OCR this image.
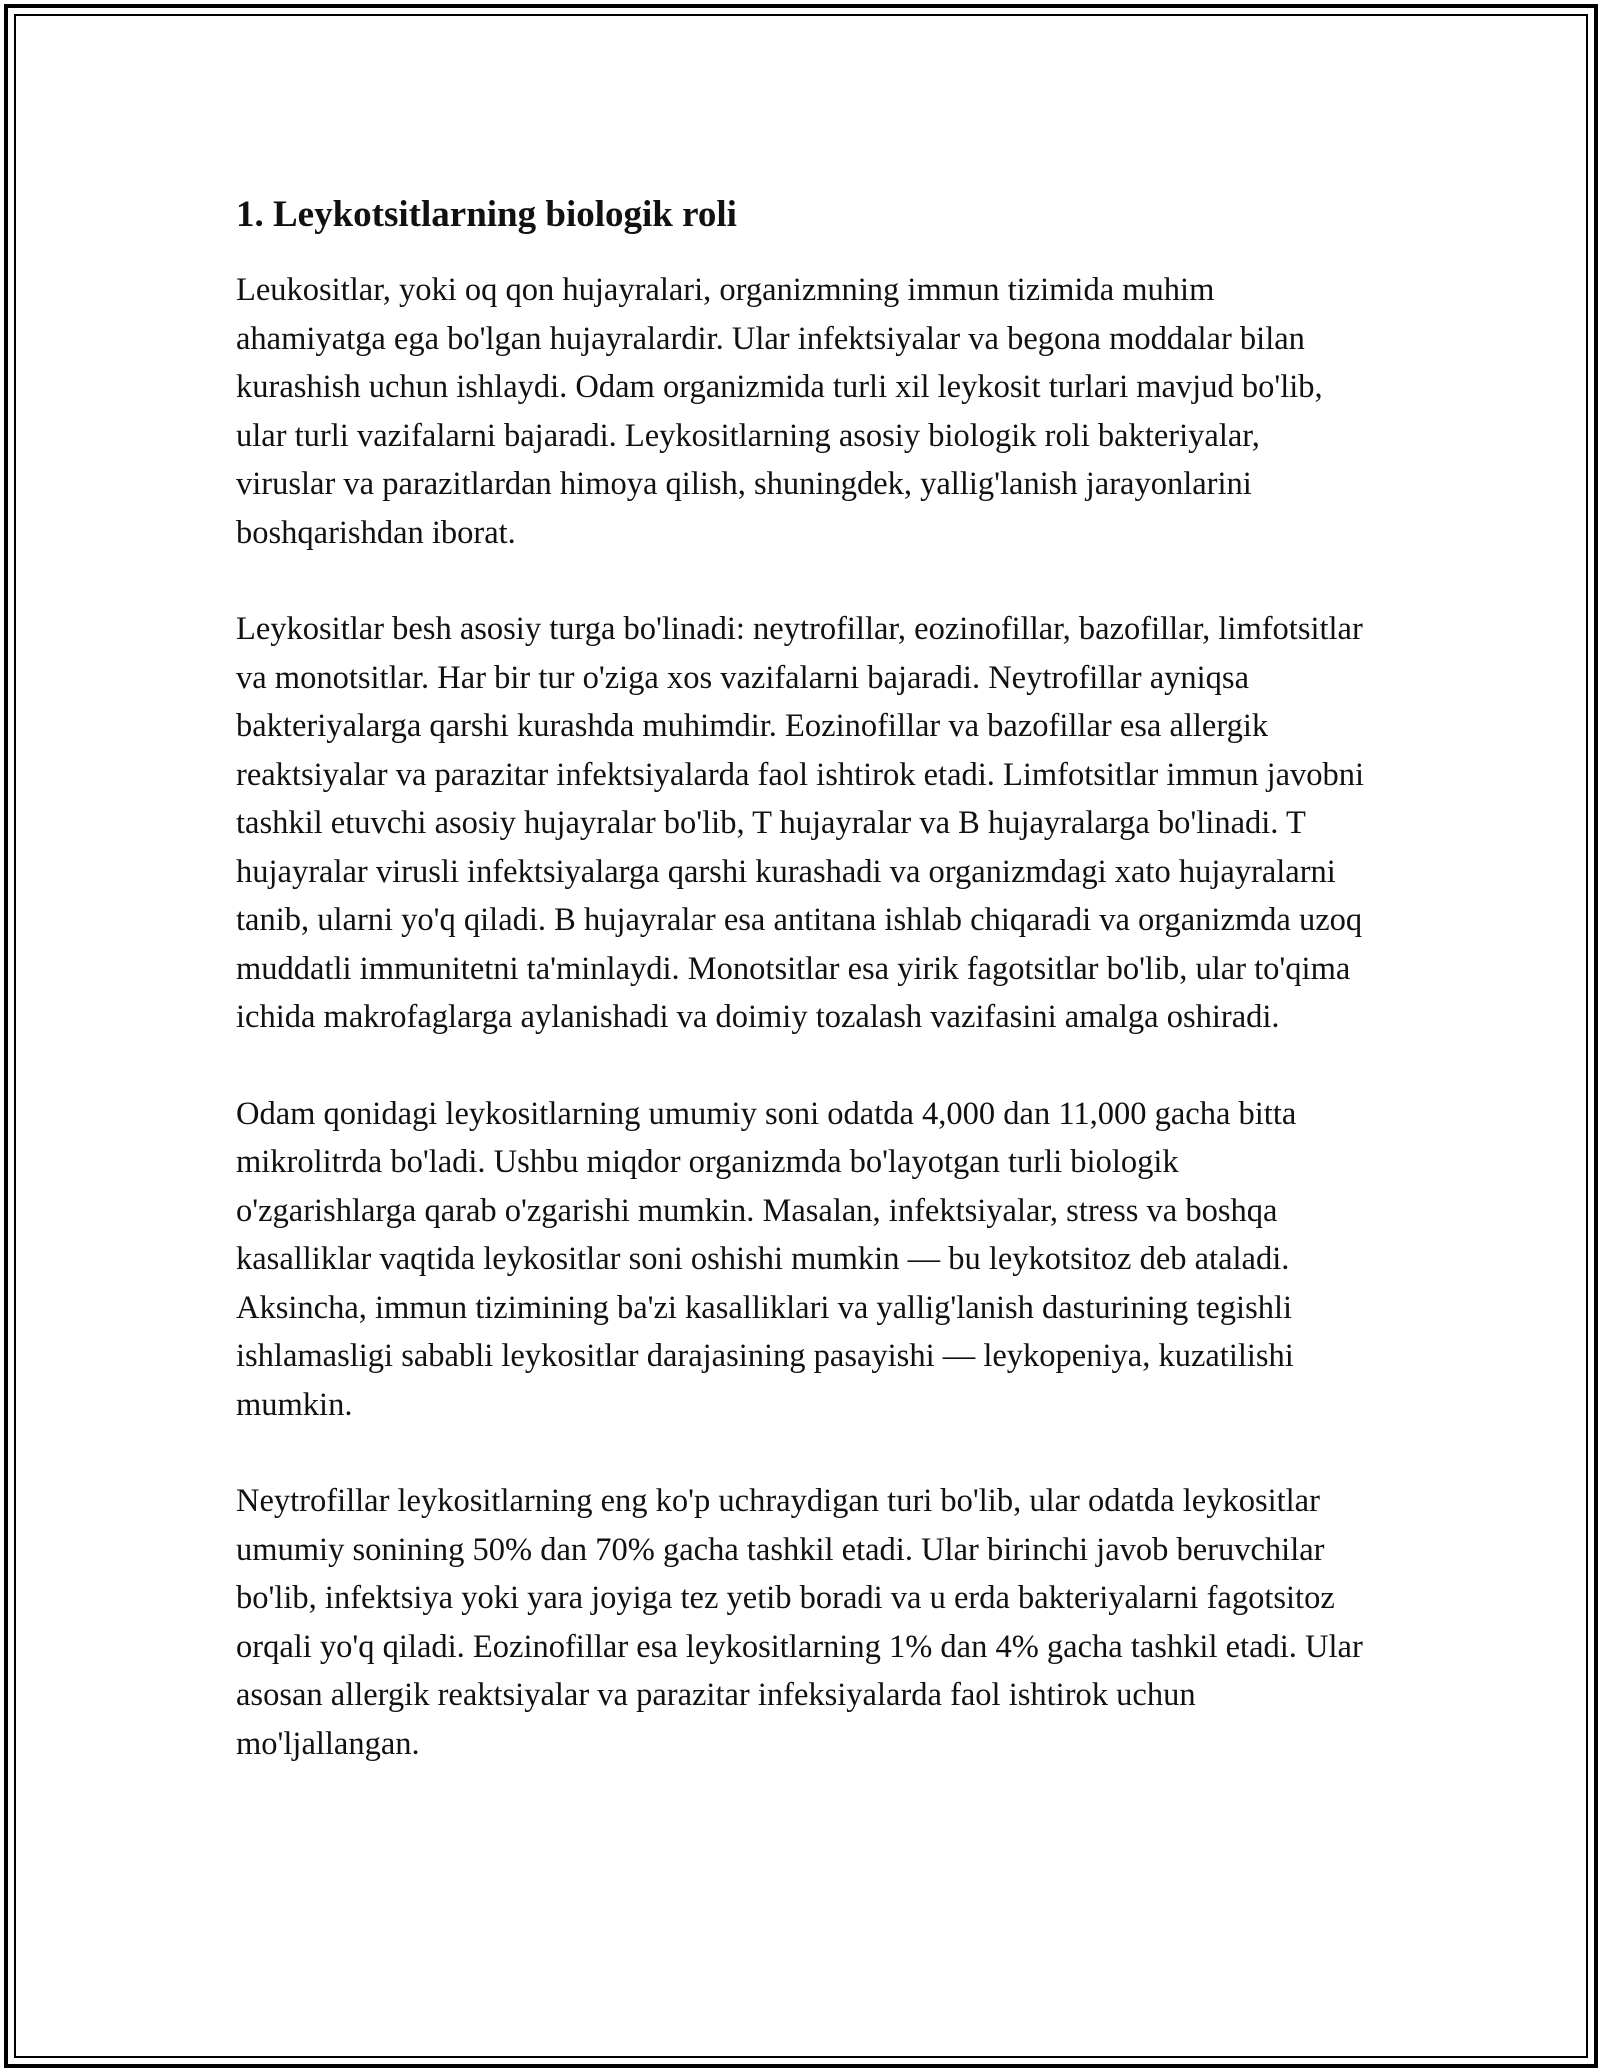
1. Leykotsitlarning biologik roli

Leukositlar, yoki oq qon hujayralari, organizmning immun tizimida muhim ahamiyatga ega bo'lgan hujayralardir. Ular infektsiyalar va begona moddalar bilan kurashish uchun ishlaydi. Odam organizmida turli xil leykosit turlari mavjud bo'lib, ular turli vazifalarni bajaradi. Leykositlarning asosiy biologik roli bakteriyalar, viruslar va parazitlardan himoya qilish, shuningdek, yallig'lanish jarayonlarini boshqarishdan iborat.

Leykositlar besh asosiy turga bo'linadi: neytrofillar, eozinofillar, bazofillar, limfotsitlar va monotsitlar. Har bir tur o'ziga xos vazifalarni bajaradi. Neytrofillar ayniqsa bakteriyalarga qarshi kurashda muhimdir. Eozinofillar va bazofillar esa allergik reaktsiyalar va parazitar infektsiyalarda faol ishtirok etadi. Limfotsitlar immun javobni tashkil etuvchi asosiy hujayralar bo'lib, T hujayralar va B hujayralarga bo'linadi. T hujayralar virusli infektsiyalarga qarshi kurashadi va organizmdagi xato hujayralarni tanib, ularni yo'q qiladi. B hujayralar esa antitana ishlab chiqaradi va organizmda uzoq muddatli immunitetni ta'minlaydi. Monotsitlar esa yirik fagotsitlar bo'lib, ular to'qima ichida makrofaglarga aylanishadi va doimiy tozalash vazifasini amalga oshiradi.

Odam qonidagi leykositlarning umumiy soni odatda 4,000 dan 11,000 gacha bitta mikrolitrda bo'ladi. Ushbu miqdor organizmda bo'layotgan turli biologik o'zgarishlarga qarab o'zgarishi mumkin. Masalan, infektsiyalar, stress va boshqa kasalliklar vaqtida leykositlar soni oshishi mumkin — bu leykotsitoz deb ataladi. Aksincha, immun tizimining ba'zi kasalliklari va yallig'lanish dasturining tegishli ishlamasligi sababli leykositlar darajasining pasayishi — leykopeniya, kuzatilishi mumkin.

Neytrofillar leykositlarning eng ko'p uchraydigan turi bo'lib, ular odatda leykositlar umumiy sonining 50% dan 70% gacha tashkil etadi. Ular birinchi javob beruvchilar bo'lib, infektsiya yoki yara joyiga tez yetib boradi va u erda bakteriyalarni fagotsitoz orqali yo'q qiladi. Eozinofillar esa leykositlarning 1% dan 4% gacha tashkil etadi. Ular asosan allergik reaktsiyalar va parazitar infeksiyalarda faol ishtirok uchun mo'ljallangan.
